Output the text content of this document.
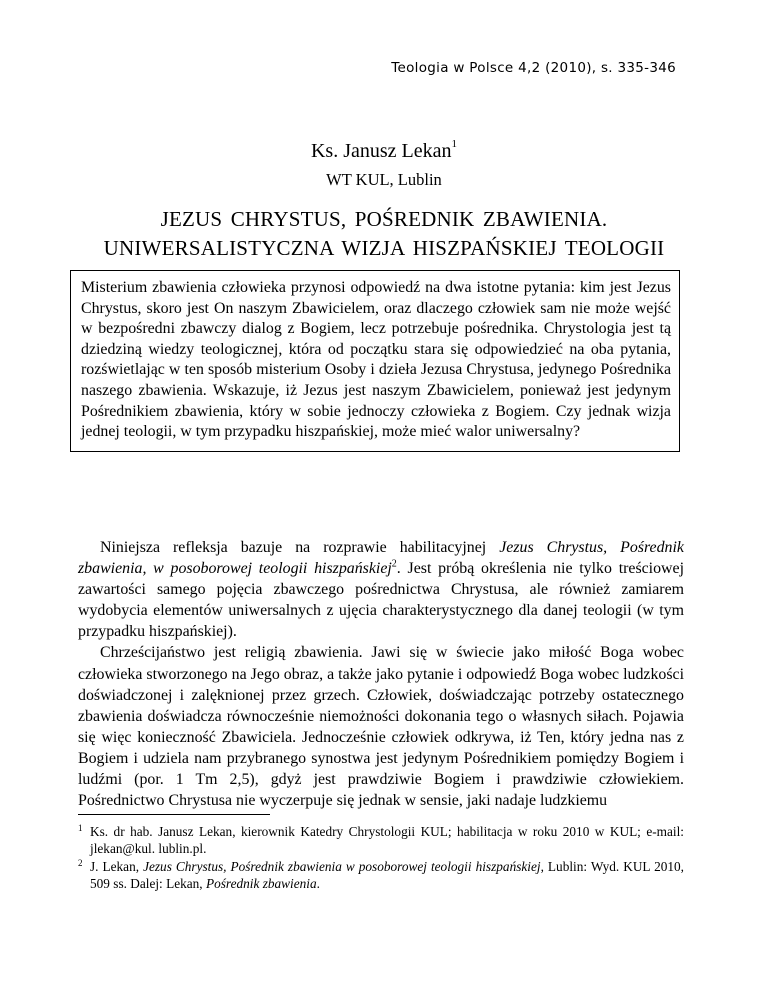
Teologia w Polsce 4,2 (2010), s. 335-346
Ks. Janusz Lekan$^1$
WT KUL, Lublin
JEZUS CHRYSTUS, POŚREDNIK ZBAWIENIA.
UNIWERSALISTYCZNA WIZJA HISZPAŃSKIEJ TEOLOGII
Misterium zbawienia człowieka przynosi odpowiedź na dwa istotne pytania: kim jest Jezus Chrystus, skoro jest On naszym Zbawicielem, oraz dlaczego człowiek sam nie może wejść w bezpośredni zbawczy dialog z Bogiem, lecz potrzebuje pośrednika. Chrystologia jest tą dziedziną wiedzy teologicznej, która od początku stara się odpowiedzieć na oba pytania, rozświetlając w ten sposób misterium Osoby i dzieła Jezusa Chrystusa, jedynego Pośrednika naszego zbawienia. Wskazuje, iż Jezus jest naszym Zbawicielem, ponieważ jest jedynym Pośrednikiem zbawienia, który w sobie jednoczy człowieka z Bogiem. Czy jednak wizja jednej teologii, w tym przypadku hiszpańskiej, może mieć walor uniwersalny?

Niniejsza refleksja bazuje na rozprawie habilitacyjnej Jezus Chrystus, Pośrednik zbawienia, w posoborowej teologii hiszpańskiej$^2$. Jest próbą określenia nie tylko treściowej zawartości samego pojęcia zbawczego pośrednictwa Chrystusa, ale również zamiarem wydobycia elementów uniwersalnych z ujęcia charakterystycznego dla danej teologii (w tym przypadku hiszpańskiej).

Chrześcijaństwo jest religią zbawienia. Jawi się w świecie jako miłość Boga wobec człowieka stworzonego na Jego obraz, a także jako pytanie i odpowiedź Boga wobec ludzkości doświadczonej i zalęknionej przez grzech. Człowiek, doświadczając potrzeby ostatecznego zbawienia doświadcza równocześnie niemożności dokonania tego o własnych siłach. Pojawia się więc konieczność Zbawiciela. Jednocześnie człowiek odkrywa, iż Ten, który jedna nas z Bogiem i udziela nam przybranego synostwa jest jedynym Pośrednikiem pomiędzy Bogiem i ludźmi (por. 1 Tm 2,5), gdyż jest prawdziwie Bogiem i prawdziwie człowiekiem. Pośrednictwo Chrystusa nie wyczerpuje się jednak w sensie, jaki nadaje ludzkiemu

$^1$ Ks. dr hab. Janusz Lekan, kierownik Katedry Chrystologii KUL; habilitacja w roku 2010 w KUL; e-mail: jlekan@kul. lublin.pl.
$^2$ J. Lekan, Jezus Chrystus, Pośrednik zbawienia w posoborowej teologii hiszpańskiej, Lublin: Wyd. KUL 2010, 509 ss. Dalej: Lekan, Pośrednik zbawienia.
